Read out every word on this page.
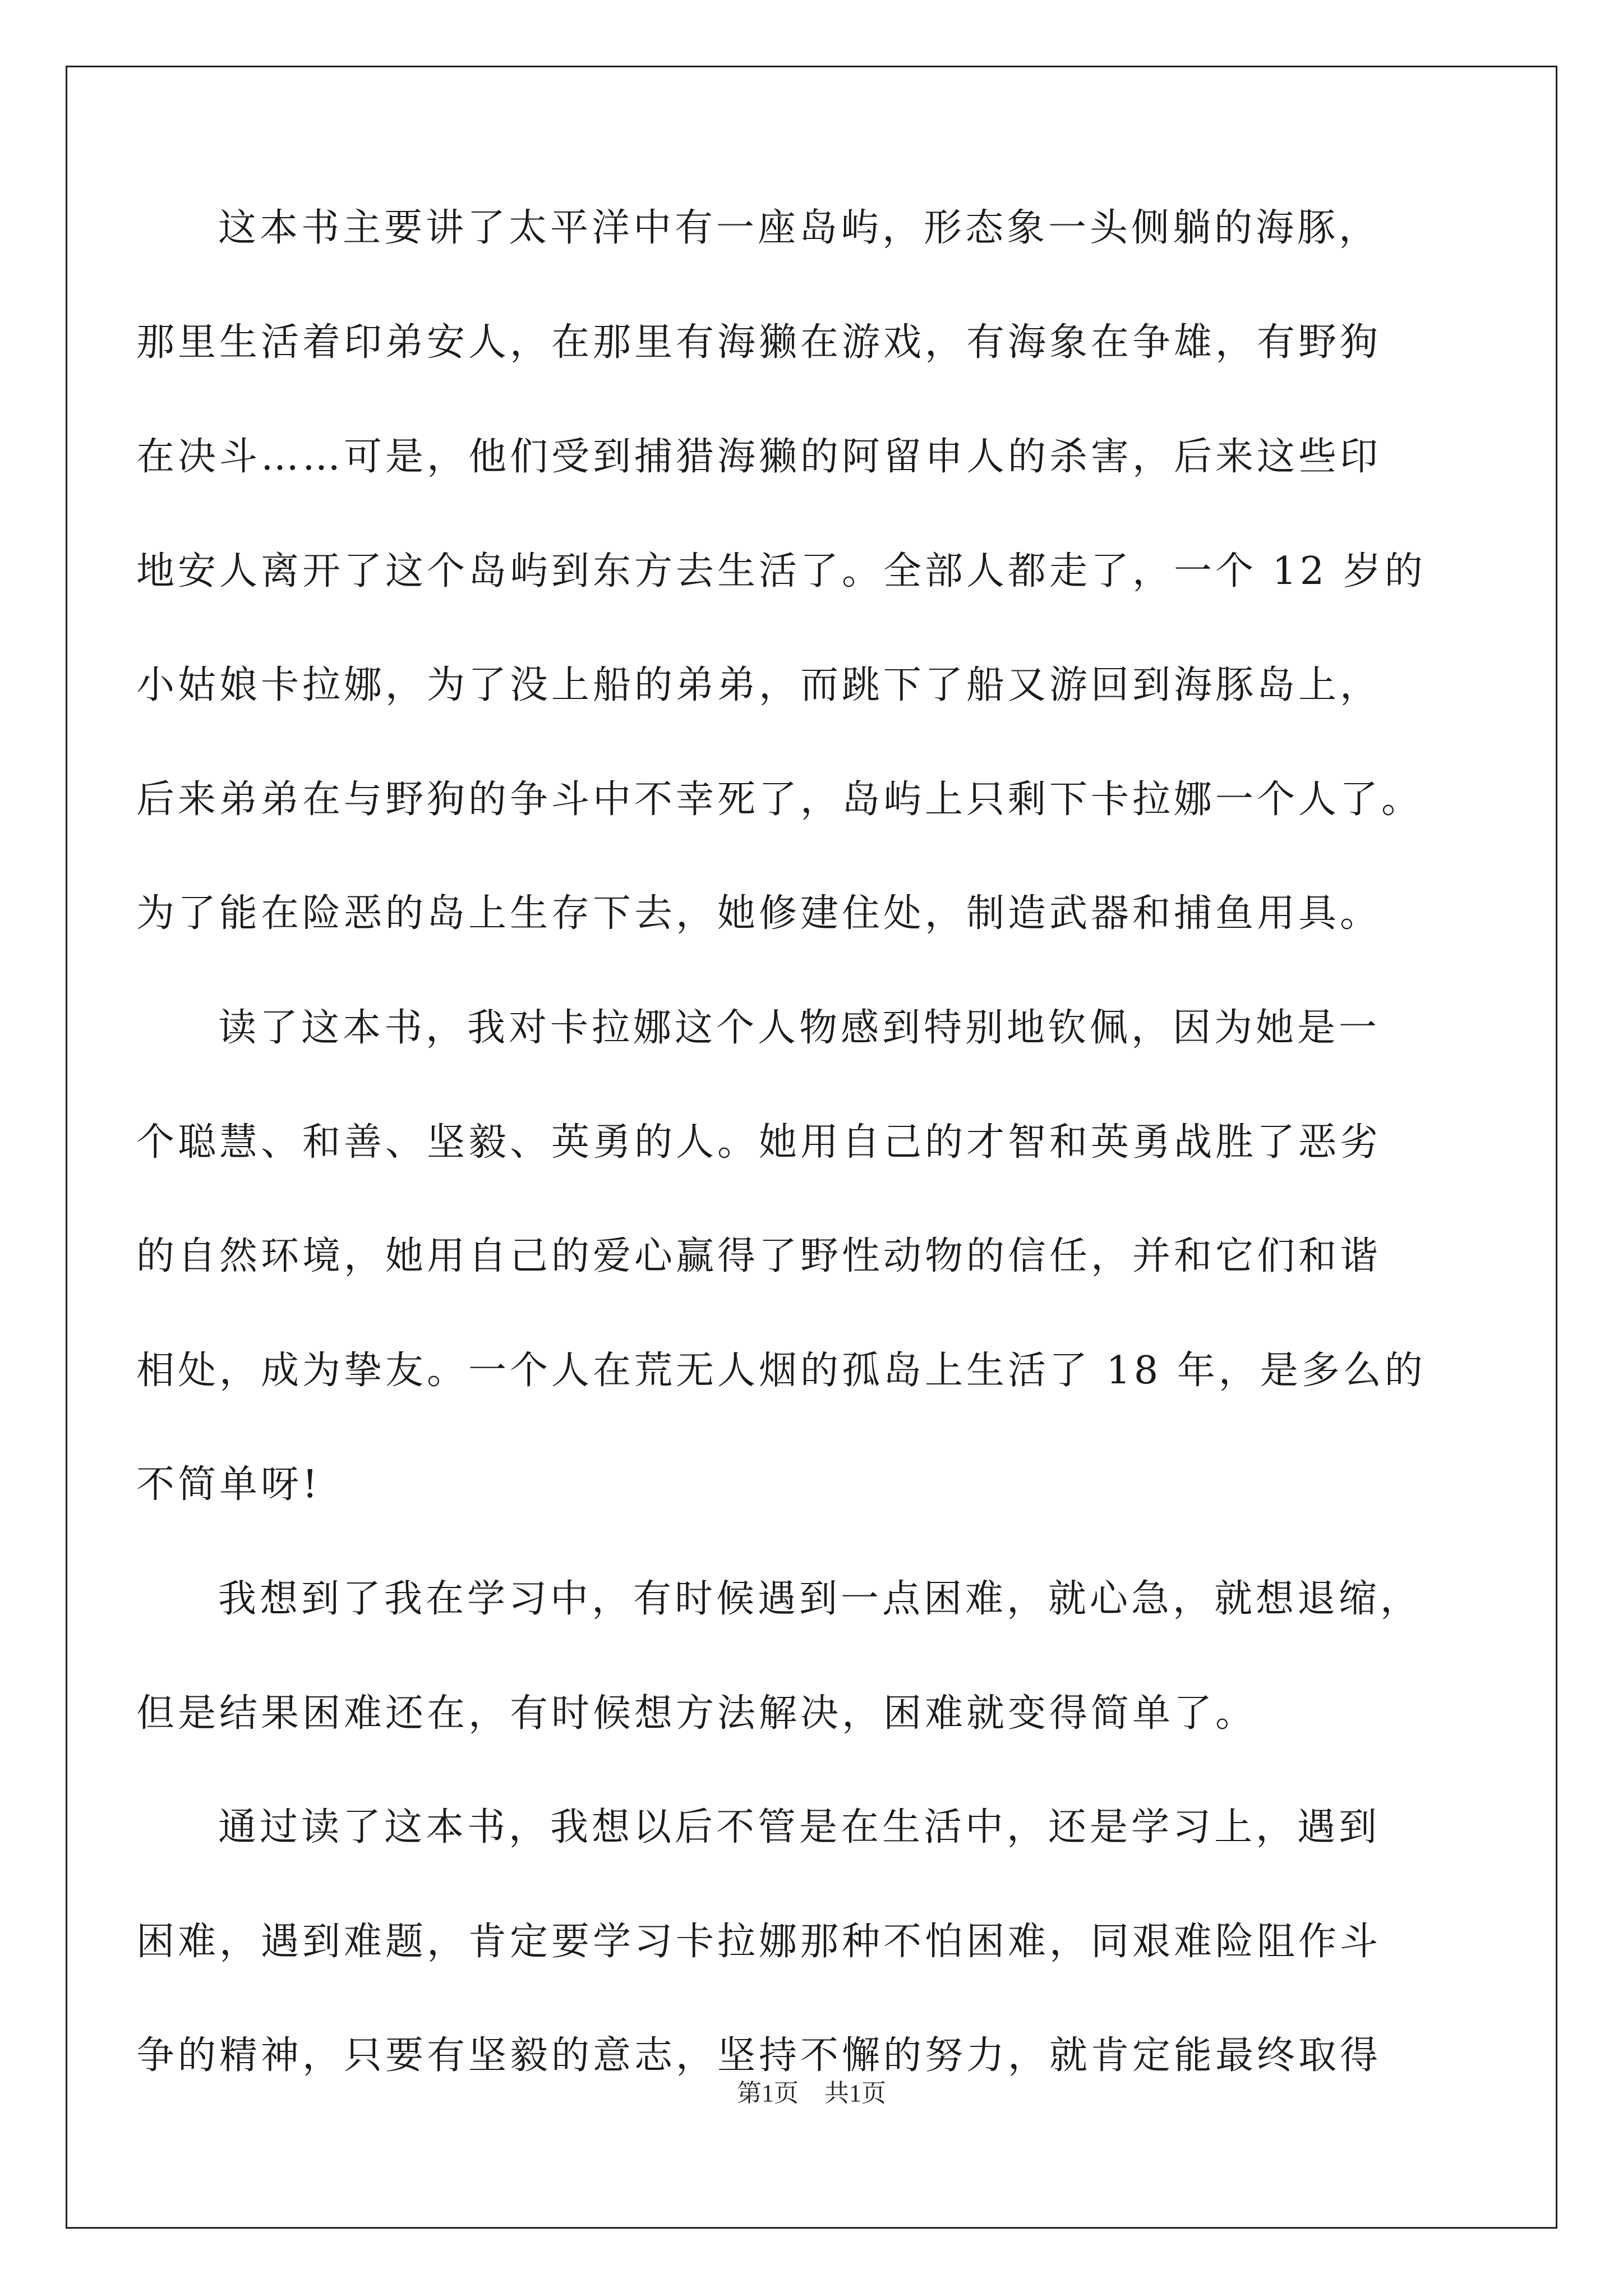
这本书主要讲了太平洋中有一座岛屿，形态象一头侧躺的海豚，
那里生活着印弟安人，在那里有海獭在游戏，有海象在争雄，有野狗
在决斗……可是，他们受到捕猎海獭的阿留申人的杀害，后来这些印
地安人离开了这个岛屿到东方去生活了。全部人都走了，一个 12 岁的
小姑娘卡拉娜，为了没上船的弟弟，而跳下了船又游回到海豚岛上，
后来弟弟在与野狗的争斗中不幸死了，岛屿上只剩下卡拉娜一个人了。
为了能在险恶的岛上生存下去，她修建住处，制造武器和捕鱼用具。
读了这本书，我对卡拉娜这个人物感到特别地钦佩，因为她是一
个聪慧、和善、坚毅、英勇的人。她用自己的才智和英勇战胜了恶劣
的自然环境，她用自己的爱心赢得了野性动物的信任，并和它们和谐
相处，成为挚友。一个人在荒无人烟的孤岛上生活了 18 年，是多么的
不简单呀!
我想到了我在学习中，有时候遇到一点困难，就心急，就想退缩，
但是结果困难还在，有时候想方法解决，困难就变得简单了。
通过读了这本书，我想以后不管是在生活中，还是学习上，遇到
困难，遇到难题，肯定要学习卡拉娜那种不怕困难，同艰难险阻作斗
争的精神，只要有坚毅的意志，坚持不懈的努力，就肯定能最终取得
第1页 共1页
